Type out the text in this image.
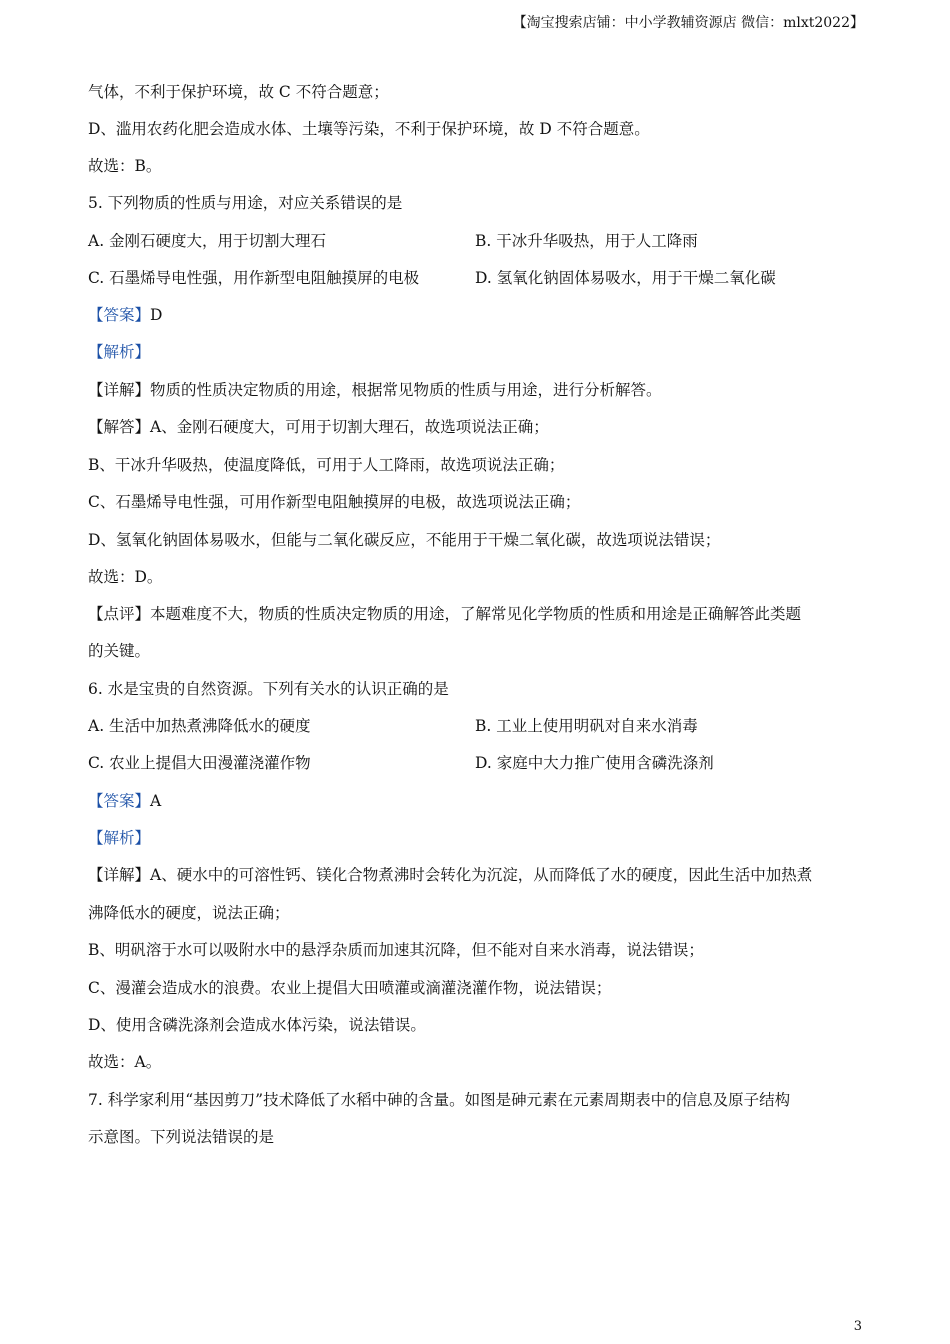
【淘宝搜索店铺：中小学教辅资源店 微信：mlxt2022】
气体，不利于保护环境，故 C 不符合题意；
D、滥用农药化肥会造成水体、土壤等污染，不利于保护环境，故 D 不符合题意。
故选：B。
5. 下列物质的性质与用途，对应关系错误的是
A. 金刚石硬度大，用于切割大理石	B. 干冰升华吸热，用于人工降雨
C. 石墨烯导电性强，用作新型电阻触摸屏的电极	D. 氢氧化钠固体易吸水，用于干燥二氧化碳
【答案】D
【解析】
【详解】物质的性质决定物质的用途，根据常见物质的性质与用途，进行分析解答。
【解答】A、金刚石硬度大，可用于切割大理石，故选项说法正确；
B、干冰升华吸热，使温度降低，可用于人工降雨，故选项说法正确；
C、石墨烯导电性强，可用作新型电阻触摸屏的电极，故选项说法正确；
D、氢氧化钠固体易吸水，但能与二氧化碳反应，不能用于干燥二氧化碳，故选项说法错误；
故选：D。
【点评】本题难度不大，物质的性质决定物质的用途，了解常见化学物质的性质和用途是正确解答此类题
的关键。
6. 水是宝贵的自然资源。下列有关水的认识正确的是
A. 生活中加热煮沸降低水的硬度	B. 工业上使用明矾对自来水消毒
C. 农业上提倡大田漫灌浇灌作物	D. 家庭中大力推广使用含磷洗涤剂
【答案】A
【解析】
【详解】A、硬水中的可溶性钙、镁化合物煮沸时会转化为沉淀，从而降低了水的硬度，因此生活中加热煮
沸降低水的硬度，说法正确；
B、明矾溶于水可以吸附水中的悬浮杂质而加速其沉降，但不能对自来水消毒，说法错误；
C、漫灌会造成水的浪费。农业上提倡大田喷灌或滴灌浇灌作物，说法错误；
D、使用含磷洗涤剂会造成水体污染，说法错误。
故选：A。
7. 科学家利用“基因剪刀”技术降低了水稻中砷的含量。如图是砷元素在元素周期表中的信息及原子结构
示意图。下列说法错误的是
3
